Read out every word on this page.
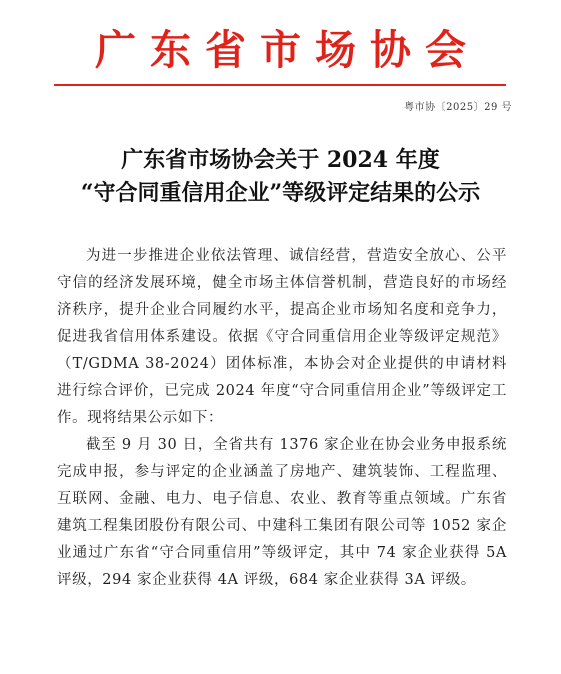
广东省市场协会
粤市协〔2025〕29 号
广东省市场协会关于 2024 年度
“守合同重信用企业”等级评定结果的公示

为进一步推进企业依法管理、诚信经营，营造安全放心、公平守信的经济发展环境，健全市场主体信誉机制，营造良好的市场经济秩序，提升企业合同履约水平，提高企业市场知名度和竞争力，促进我省信用体系建设。依据《守合同重信用企业等级评定规范》（T/GDMA 38-2024）团体标准，本协会对企业提供的申请材料进行综合评价，已完成 2024 年度“守合同重信用企业”等级评定工作。现将结果公示如下：

截至 9 月 30 日，全省共有 1376 家企业在协会业务申报系统完成申报，参与评定的企业涵盖了房地产、建筑装饰、工程监理、互联网、金融、电力、电子信息、农业、教育等重点领域。广东省建筑工程集团股份有限公司、中建科工集团有限公司等 1052 家企业通过广东省“守合同重信用”等级评定，其中 74 家企业获得 5A 评级，294 家企业获得 4A 评级，684 家企业获得 3A 评级。
